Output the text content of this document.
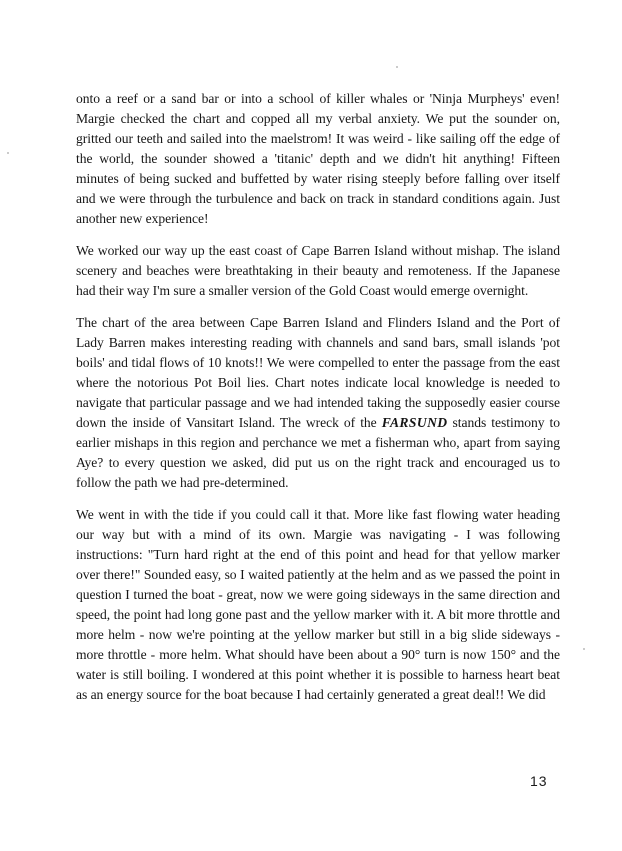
onto a reef or a sand bar or into a school of killer whales or 'Ninja Murpheys' even! Margie checked the chart and copped all my verbal anxiety. We put the sounder on, gritted our teeth and sailed into the maelstrom! It was weird - like sailing off the edge of the world, the sounder showed a 'titanic' depth and we didn't hit anything! Fifteen minutes of being sucked and buffetted by water rising steeply before falling over itself and we were through the turbulence and back on track in standard conditions again. Just another new experience!

We worked our way up the east coast of Cape Barren Island without mishap. The island scenery and beaches were breathtaking in their beauty and remoteness. If the Japanese had their way I'm sure a smaller version of the Gold Coast would emerge overnight.

The chart of the area between Cape Barren Island and Flinders Island and the Port of Lady Barren makes interesting reading with channels and sand bars, small islands 'pot boils' and tidal flows of 10 knots!! We were compelled to enter the passage from the east where the notorious Pot Boil lies. Chart notes indicate local knowledge is needed to navigate that particular passage and we had intended taking the supposedly easier course down the inside of Vansitart Island. The wreck of the FARSUND stands testimony to earlier mishaps in this region and perchance we met a fisherman who, apart from saying Aye? to every question we asked, did put us on the right track and encouraged us to follow the path we had pre-determined.

We went in with the tide if you could call it that. More like fast flowing water heading our way but with a mind of its own. Margie was navigating - I was following instructions: "Turn hard right at the end of this point and head for that yellow marker over there!" Sounded easy, so I waited patiently at the helm and as we passed the point in question I turned the boat - great, now we were going sideways in the same direction and speed, the point had long gone past and the yellow marker with it. A bit more throttle and more helm - now we're pointing at the yellow marker but still in a big slide sideways - more throttle - more helm. What should have been about a 90° turn is now 150° and the water is still boiling. I wondered at this point whether it is possible to harness heart beat as an energy source for the boat because I had certainly generated a great deal!! We did

13
